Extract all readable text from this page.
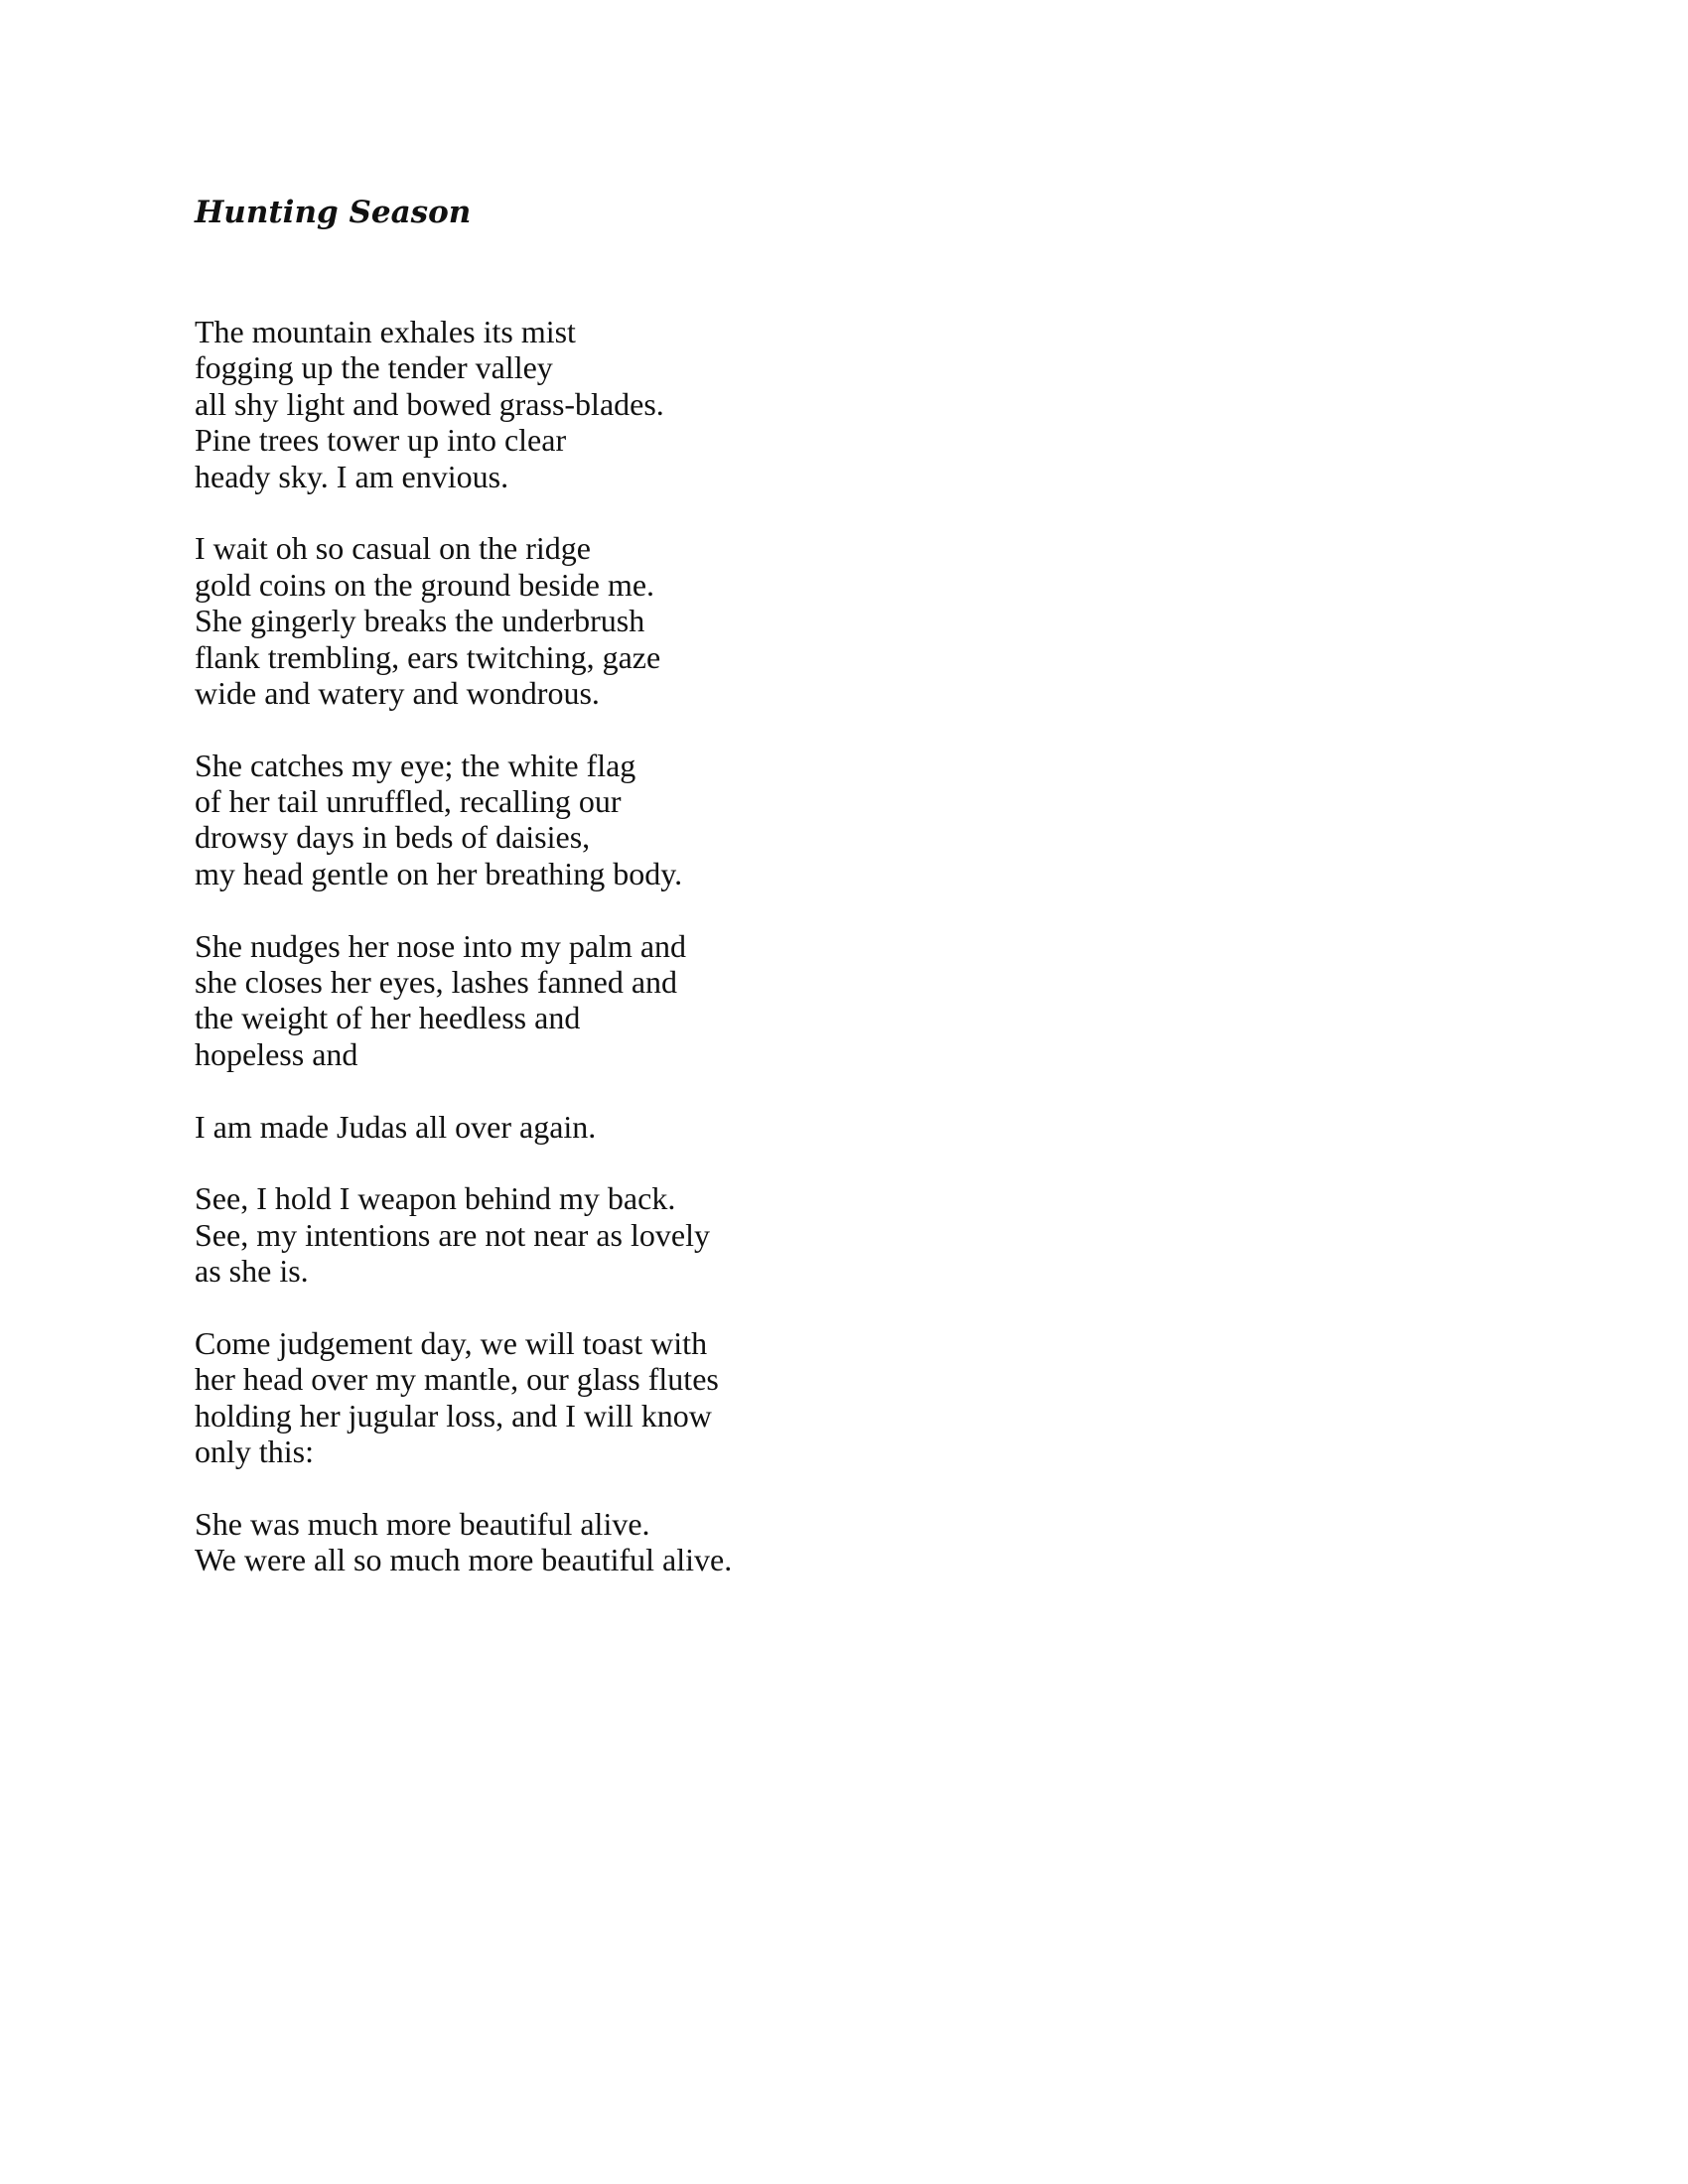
Hunting Season
The mountain exhales its mist
fogging up the tender valley
all shy light and bowed grass-blades.
Pine trees tower up into clear
heady sky. I am envious.
I wait oh so casual on the ridge
gold coins on the ground beside me.
She gingerly breaks the underbrush
flank trembling, ears twitching, gaze
wide and watery and wondrous.
She catches my eye; the white flag
of her tail unruffled, recalling our
drowsy days in beds of daisies,
my head gentle on her breathing body.
She nudges her nose into my palm and
she closes her eyes, lashes fanned and
the weight of her heedless and
hopeless and
I am made Judas all over again.
See, I hold I weapon behind my back.
See, my intentions are not near as lovely
as she is.
Come judgement day, we will toast with
her head over my mantle, our glass flutes
holding her jugular loss, and I will know
only this:
She was much more beautiful alive.
We were all so much more beautiful alive.
